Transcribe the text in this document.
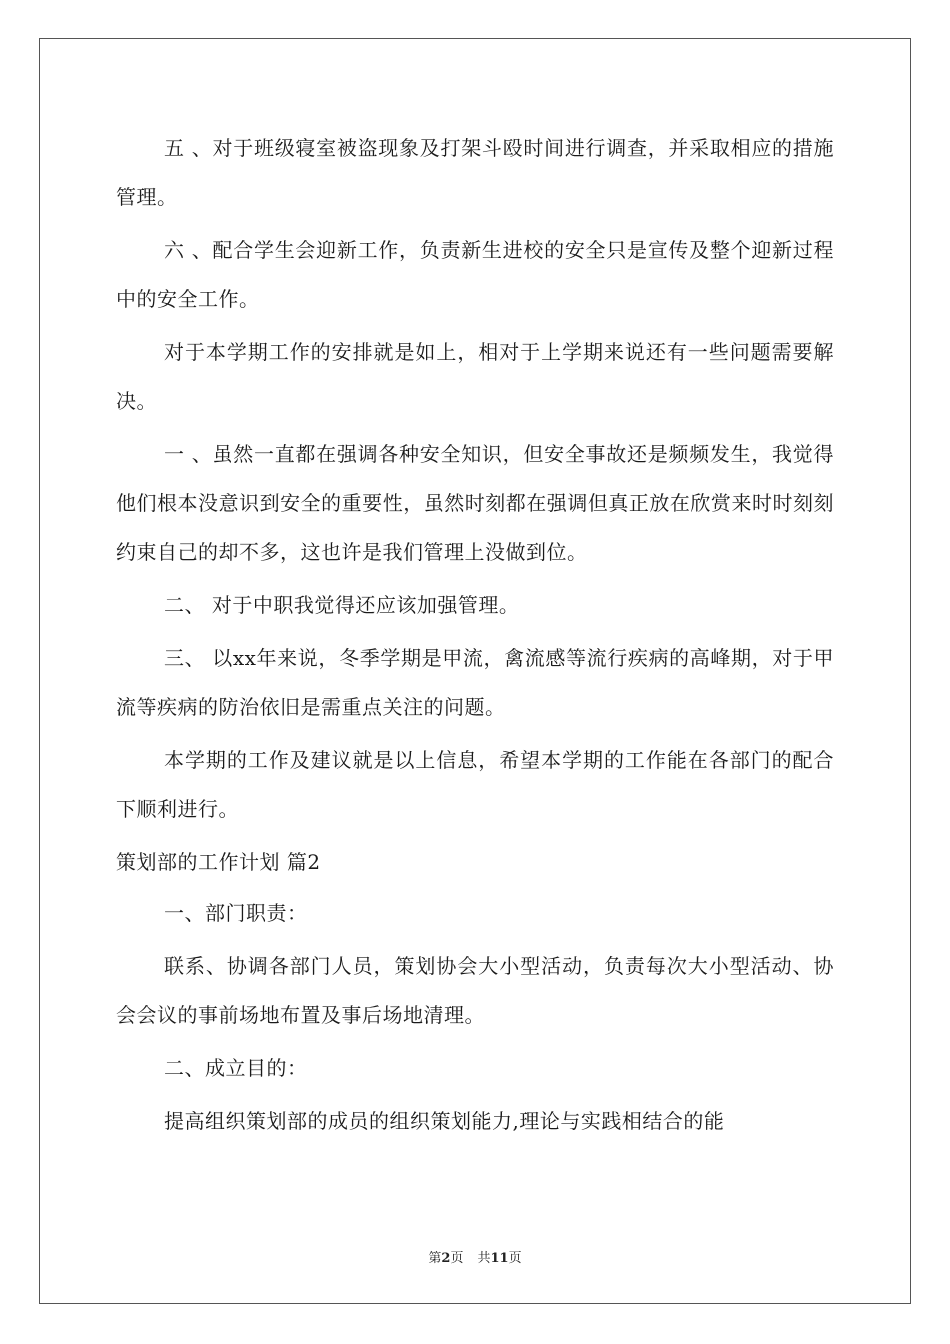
五 、对于班级寝室被盗现象及打架斗殴时间进行调查，并采取相应的措施管理。

六 、配合学生会迎新工作，负责新生进校的安全只是宣传及整个迎新过程中的安全工作。

对于本学期工作的安排就是如上，相对于上学期来说还有一些问题需要解决。

一 、虽然一直都在强调各种安全知识，但安全事故还是频频发生，我觉得他们根本没意识到安全的重要性，虽然时刻都在强调但真正放在欣赏来时时刻刻约束自己的却不多，这也许是我们管理上没做到位。

二、 对于中职我觉得还应该加强管理。

三、 以xx年来说，冬季学期是甲流，禽流感等流行疾病的高峰期，对于甲流等疾病的防治依旧是需重点关注的问题。

本学期的工作及建议就是以上信息，希望本学期的工作能在各部门的配合下顺利进行。

策划部的工作计划 篇2

一、部门职责：

联系、协调各部门人员，策划协会大小型活动，负责每次大小型活动、协会会议的事前场地布置及事后场地清理。

二、成立目的：

提高组织策划部的成员的组织策划能力,理论与实践相结合的能

第2页 共11页
